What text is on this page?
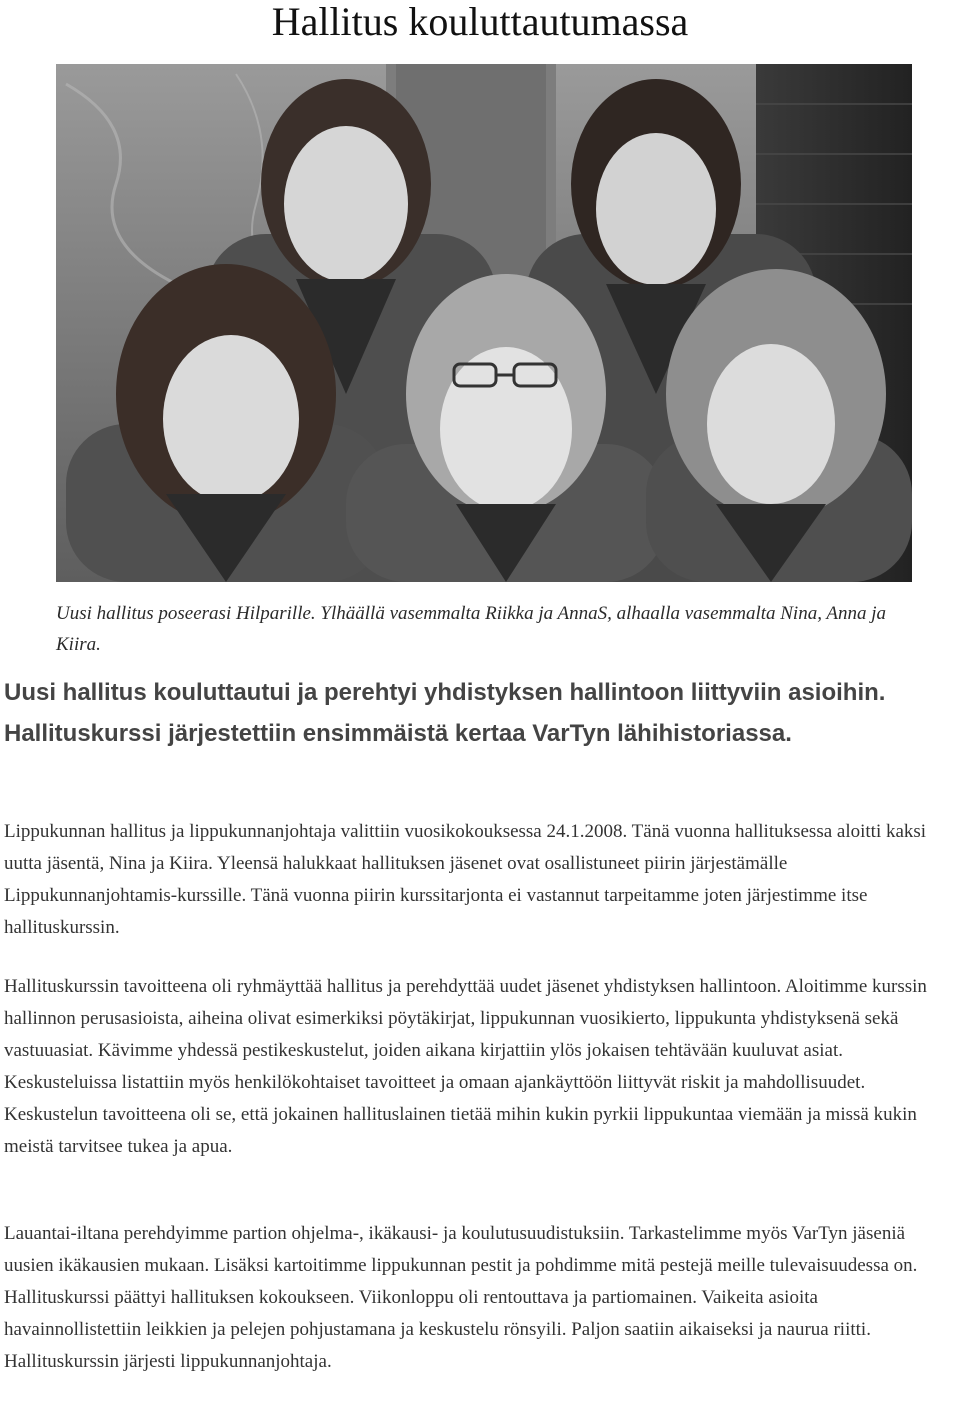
Hallitus kouluttautumassa

Uusi hallitus poseerasi Hilparille. Ylhäällä vasemmalta Riikka ja AnnaS, alhaalla vasemmalta Nina, Anna ja Kiira.

Uusi hallitus kouluttautui ja perehtyi yhdistyksen hallintoon liittyviin asioihin. Hallituskurssi järjestettiin ensimmäistä kertaa VarTyn lähihistoriassa.

Lippukunnan hallitus ja lippukunnanjohtaja valittiin vuosikokouksessa 24.1.2008. Tänä vuonna hallituksessa aloitti kaksi uutta jäsentä, Nina ja Kiira. Yleensä halukkaat hallituksen jäsenet ovat osallistuneet piirin järjestämälle Lippukunnanjohtamis-kurssille. Tänä vuonna piirin kurssitarjonta ei vastannut tarpeitamme joten järjestimme itse hallituskurssin.

Hallituskurssin tavoitteena oli ryhmäyttää hallitus ja perehdyttää uudet jäsenet yhdistyksen hallintoon. Aloitimme kurssin hallinnon perusasioista, aiheina olivat esimerkiksi pöytäkirjat, lippukunnan vuosikierto, lippukunta yhdistyksenä sekä vastuuasiat. Kävimme yhdessä pestikeskustelut, joiden aikana kirjattiin ylös jokaisen tehtävään kuuluvat asiat. Keskusteluissa listattiin myös henkilökohtaiset tavoitteet ja omaan ajankäyttöön liittyvät riskit ja mahdollisuudet. Keskustelun tavoitteena oli se, että jokainen hallituslainen tietää mihin kukin pyrkii lippukuntaa viemään ja missä kukin meistä tarvitsee tukea ja apua.

Lauantai-iltana perehdyimme partion ohjelma-, ikäkausi- ja koulutusuudistuksiin. Tarkastelimme myös VarTyn jäseniä uusien ikäkausien mukaan. Lisäksi kartoitimme lippukunnan pestit ja pohdimme mitä pestejä meille tulevaisuudessa on. Hallituskurssi päättyi hallituksen kokoukseen. Viikonloppu oli rentouttava ja partiomainen. Vaikeita asioita havainnollistettiin leikkien ja pelejen pohjustamana ja keskustelu rönsyili. Paljon saatiin aikaiseksi ja naurua riitti. Hallituskurssin järjesti lippukunnanjohtaja.
